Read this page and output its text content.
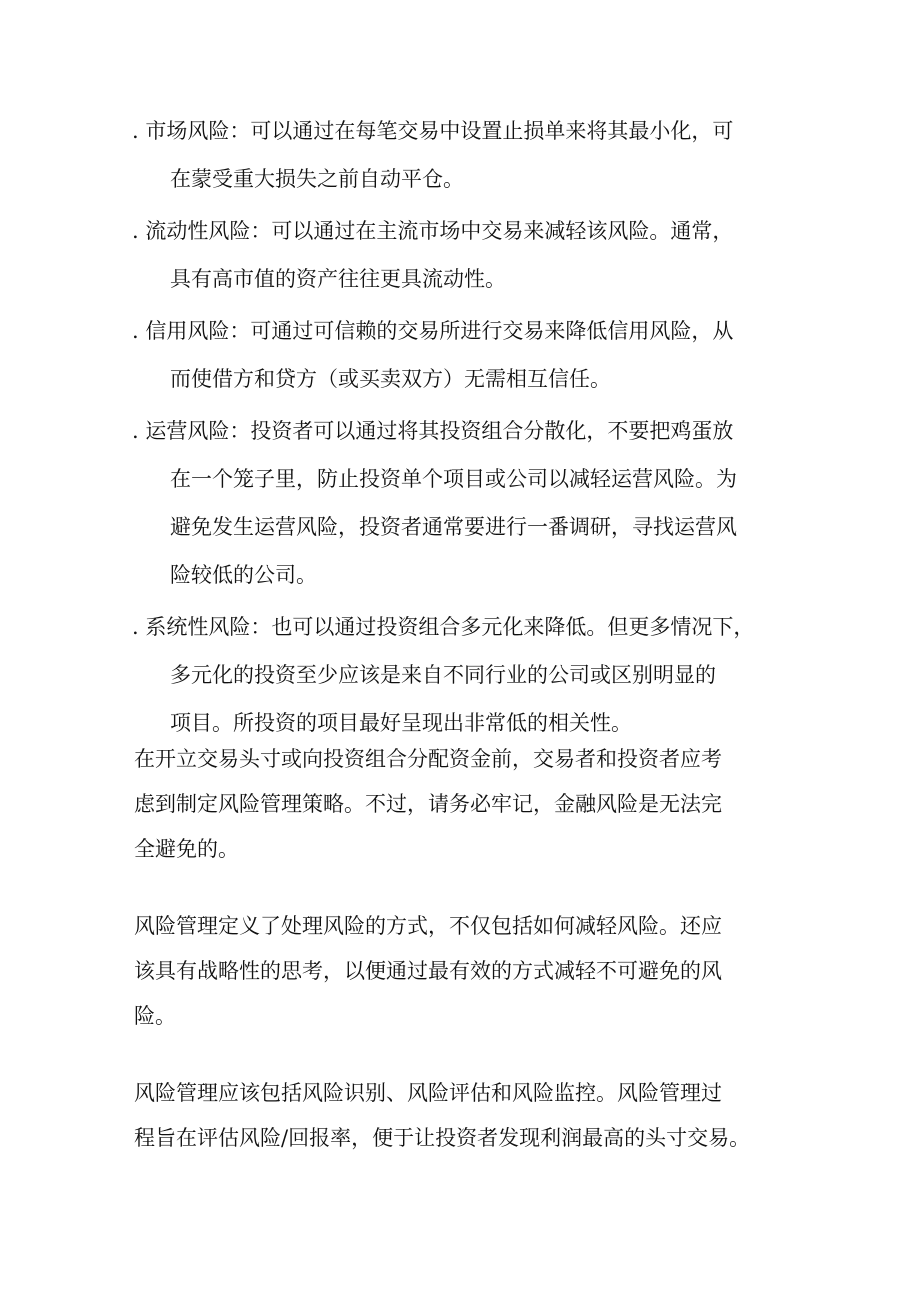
. 市场风险：可以通过在每笔交易中设置止损单来将其最小化，可
在蒙受重大损失之前自动平仓。
. 流动性风险：可以通过在主流市场中交易来减轻该风险。通常，
具有高市值的资产往往更具流动性。
. 信用风险：可通过可信赖的交易所进行交易来降低信用风险，从
而使借方和贷方（或买卖双方）无需相互信任。
. 运营风险：投资者可以通过将其投资组合分散化，不要把鸡蛋放
在一个笼子里，防止投资单个项目或公司以减轻运营风险。为
避免发生运营风险，投资者通常要进行一番调研，寻找运营风
险较低的公司。
. 系统性风险：也可以通过投资组合多元化来降低。但更多情况下，
多元化的投资至少应该是来自不同行业的公司或区别明显的
项目。所投资的项目最好呈现出非常低的相关性。
在开立交易头寸或向投资组合分配资金前，交易者和投资者应考
虑到制定风险管理策略。不过，请务必牢记，金融风险是无法完
全避免的。
风险管理定义了处理风险的方式，不仅包括如何减轻风险。还应
该具有战略性的思考，以便通过最有效的方式减轻不可避免的风
险。
风险管理应该包括风险识别、风险评估和风险监控。风险管理过
程旨在评估风险/回报率，便于让投资者发现利润最高的头寸交易。
